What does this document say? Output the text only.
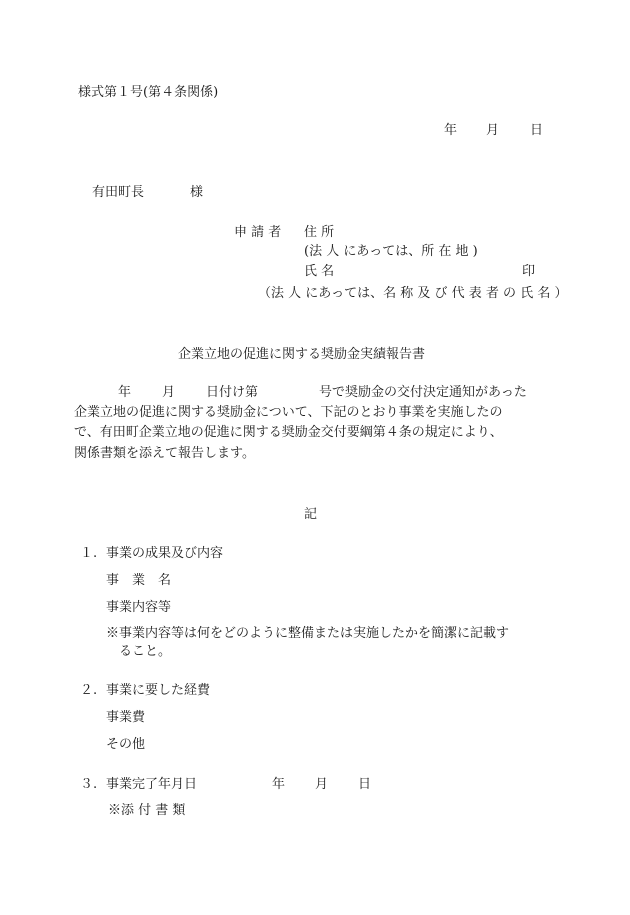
様式第１号(第４条関係)
年 月 日
有田町長	様
申 請 者 住 所
(法 人 にあっては、所 在 地 )
氏 名	印
（法 人 にあっては、名 称 及 び 代 表 者 の 氏 名 ）
企業立地の促進に関する奨励金実績報告書
年 月 日付け第	号で奨励金の交付決定通知があった
企業立地の促進に関する奨励金について、下記のとおり事業を実施したの
で、有田町企業立地の促進に関する奨励金交付要綱第４条の規定により、
関係書類を添えて報告します。
記
１. 事業の成果及び内容
事　業　名
事業内容等
※事業内容等は何をどのように整備または実施したかを簡潔に記載す
ること。
２. 事業に要した経費
事業費
その他
３. 事業完了年月日	年 月 日
※添 付 書 類
